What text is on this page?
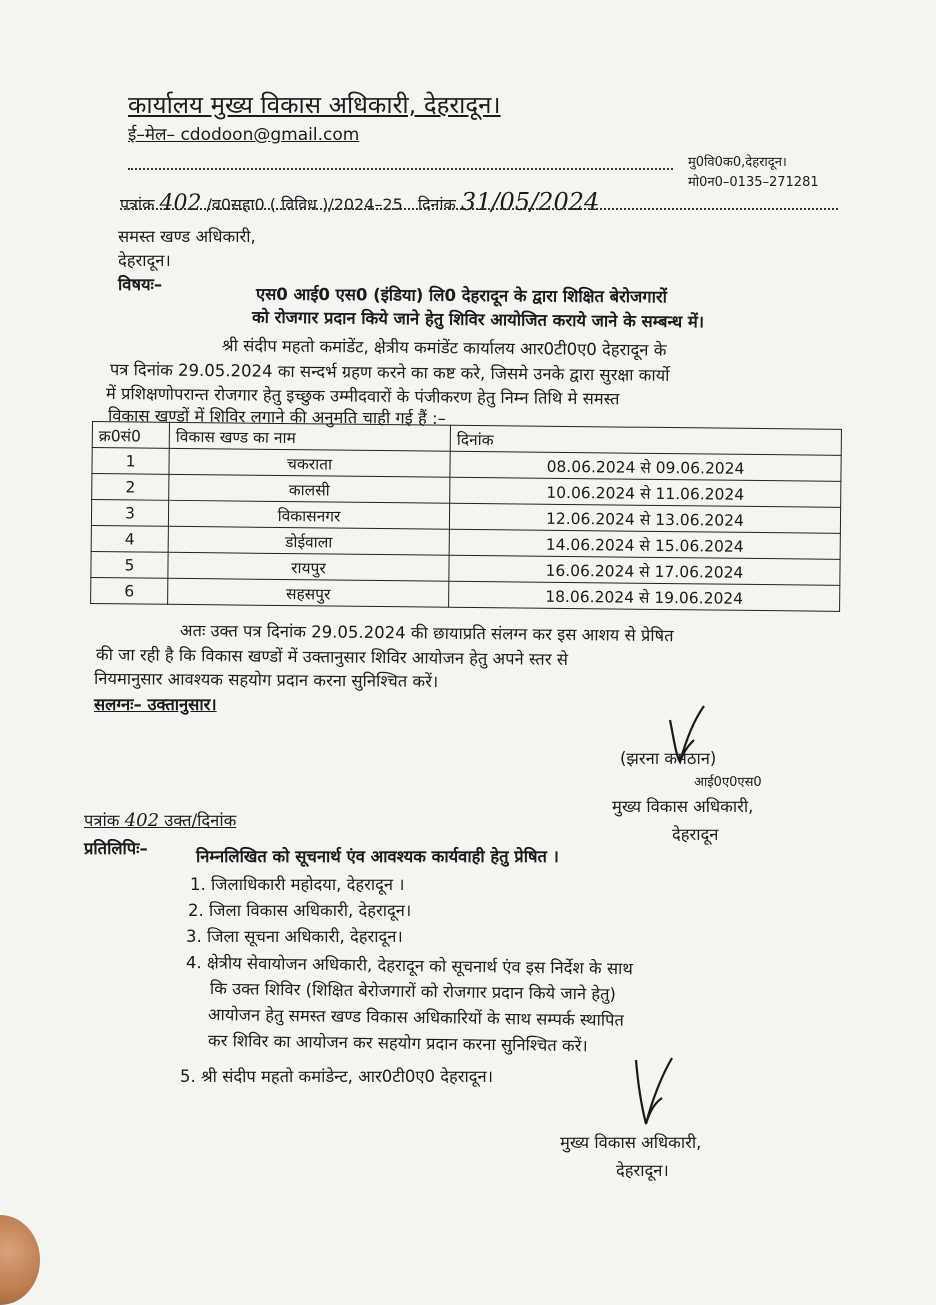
कार्यालय मुख्य विकास अधिकारी, देहरादून।
ई–मेल– cdodoon@gmail.com
मु0वि0क0,देहरादून।
मो0न0–0135–271281
पत्रांक 402 /व0सहा0 ( विविध )/2024–25 दिनांक 31/05/2024
समस्त खण्ड अधिकारी,
देहरादून।
विषयः–
एस0 आई0 एस0 (इंडिया) लि0 देहरादून के द्वारा शिक्षित बेरोजगारों
को रोजगार प्रदान किये जाने हेतु शिविर आयोजित कराये जाने के सम्बन्ध में।
श्री संदीप महतो कमांडेंट, क्षेत्रीय कमांडेंट कार्यालय आर0टी0ए0 देहरादून के
पत्र दिनांक 29.05.2024 का सन्दर्भ ग्रहण करने का कष्ट करे, जिसमे उनके द्वारा सुरक्षा कार्यो
में प्रशिक्षणोपरान्त रोजगार हेतु इच्छुक उम्मीदवारों के पंजीकरण हेतु निम्न तिथि मे समस्त
विकास खण्डों में शिविर लगाने की अनुमति चाही गई हैं :–
क्र0सं0	विकास खण्ड का नाम	दिनांक
1	चकराता	08.06.2024 से 09.06.2024
2	कालसी	10.06.2024 से 11.06.2024
3	विकासनगर	12.06.2024 से 13.06.2024
4	डोईवाला	14.06.2024 से 15.06.2024
5	रायपुर	16.06.2024 से 17.06.2024
6	सहसपुर	18.06.2024 से 19.06.2024
अतः उक्त पत्र दिनांक 29.05.2024 की छायाप्रति संलग्न कर इस आशय से प्रेषित
की जा रही है कि विकास खण्डों में उक्तानुसार शिविर आयोजन हेतु अपने स्तर से
नियमानुसार आवश्यक सहयोग प्रदान करना सुनिश्चित करें।
सलग्नः– उक्तानुसार।
(झरना कमठान)
आई0ए0एस0
मुख्य विकास अधिकारी,
देहरादून
पत्रांक 402 उक्त/दिनांक
प्रतिलिपिः–	निम्नलिखित को सूचनार्थ एंव आवश्यक कार्यवाही हेतु प्रेषित ।
1. जिलाधिकारी महोदया, देहरादून ।
2. जिला विकास अधिकारी, देहरादून।
3. जिला सूचना अधिकारी, देहरादून।
4. क्षेत्रीय सेवायोजन अधिकारी, देहरादून को सूचनार्थ एंव इस निर्देश के साथ
कि उक्त शिविर (शिक्षित बेरोजगारों को रोजगार प्रदान किये जाने हेतु)
आयोजन हेतु समस्त खण्ड विकास अधिकारियों के साथ सम्पर्क स्थापित
कर शिविर का आयोजन कर सहयोग प्रदान करना सुनिश्चित करें।
5. श्री संदीप महतो कमांडेन्ट, आर0टी0ए0 देहरादून।
मुख्य विकास अधिकारी,
देहरादून।
